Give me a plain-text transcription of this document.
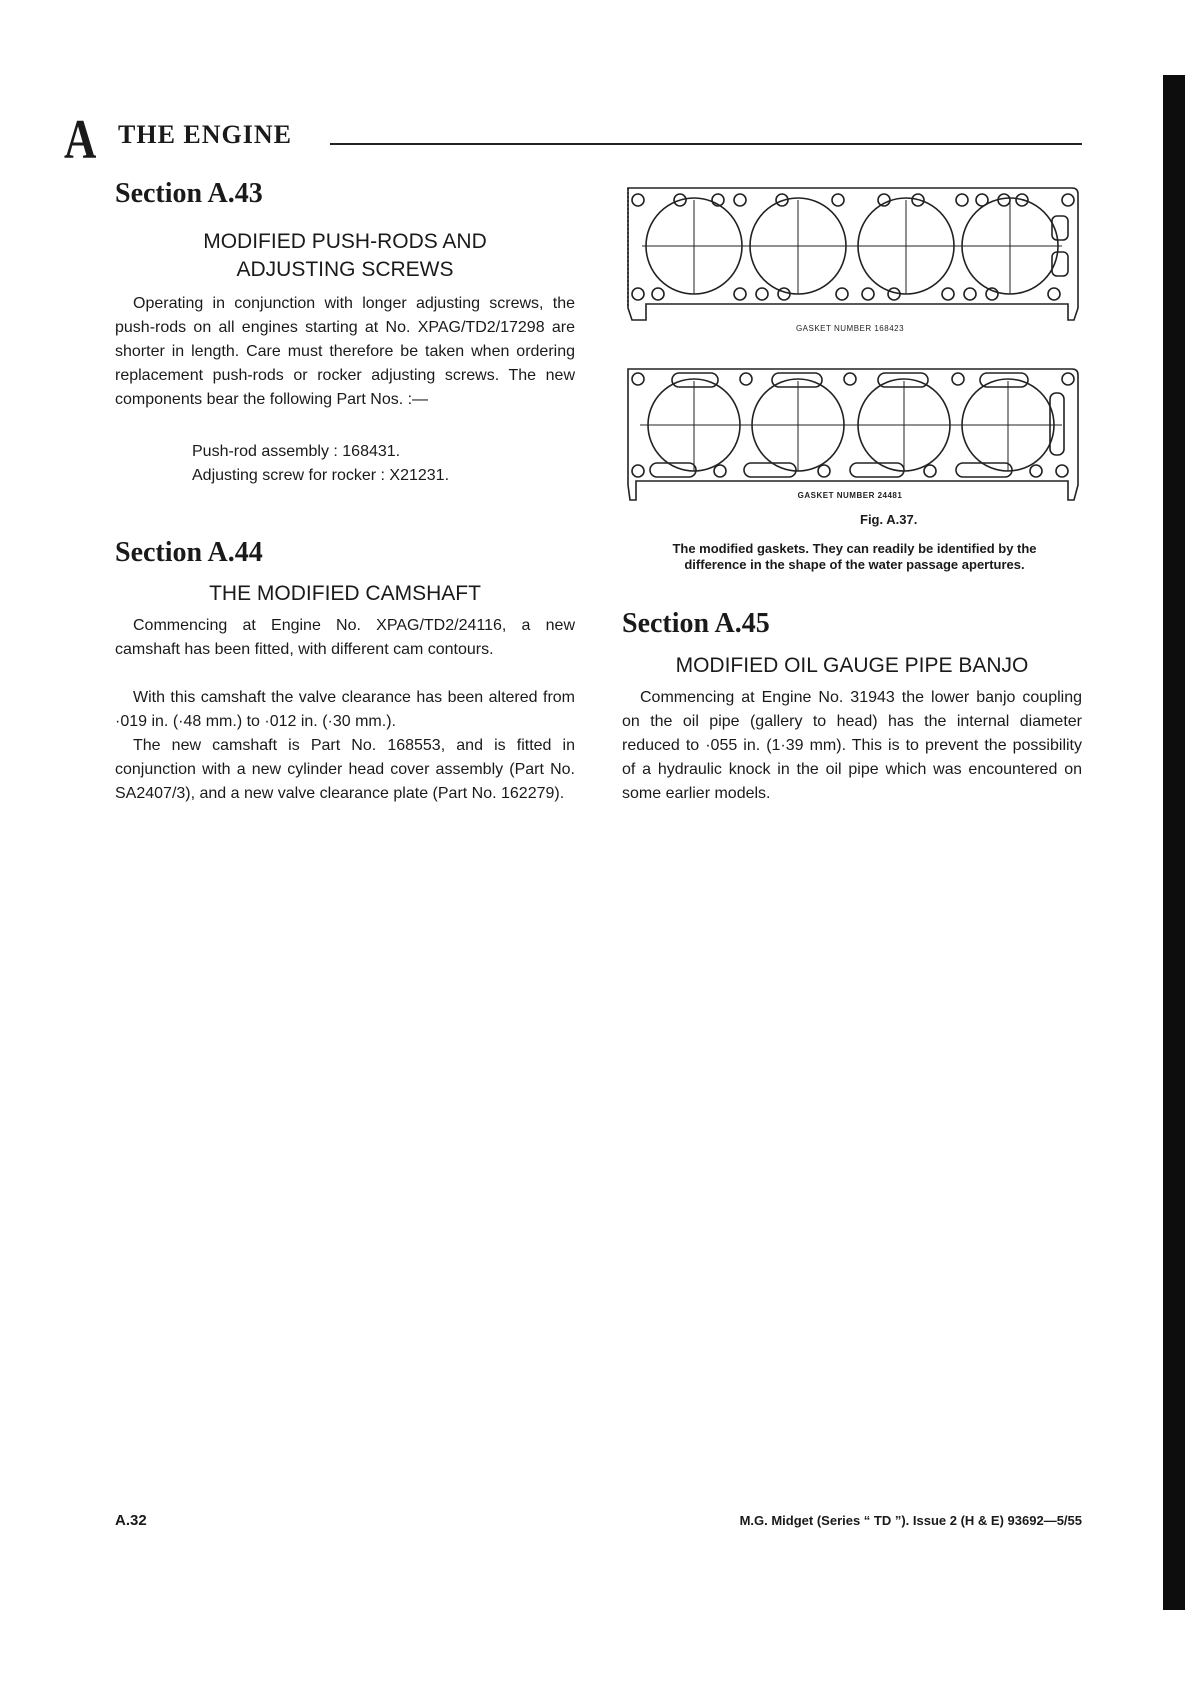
A THE ENGINE
Section A.43
MODIFIED PUSH-RODS AND
ADJUSTING SCREWS

Operating in conjunction with longer adjusting screws, the push-rods on all engines starting at No. XPAG/TD2/17298 are shorter in length. Care must therefore be taken when ordering replacement push-rods or rocker adjusting screws. The new components bear the following Part Nos. :—

Push-rod assembly : 168431.
Adjusting screw for rocker : X21231.
Section A.44
THE MODIFIED CAMSHAFT

Commencing at Engine No. XPAG/TD2/24116, a new camshaft has been fitted, with different cam contours.

With this camshaft the valve clearance has been altered from ·019 in. (·48 mm.) to ·012 in. (·30 mm.).

The new camshaft is Part No. 168553, and is fitted in conjunction with a new cylinder head cover assembly (Part No. SA2407/3), and a new valve clearance plate (Part No. 162279).

GASKET NUMBER 168423
GASKET NUMBER 24481
Fig. A.37.
The modified gaskets. They can readily be identified by the difference in the shape of the water passage apertures.
Section A.45
MODIFIED OIL GAUGE PIPE BANJO

Commencing at Engine No. 31943 the lower banjo coupling on the oil pipe (gallery to head) has the internal diameter reduced to ·055 in. (1·39 mm). This is to prevent the possibility of a hydraulic knock in the oil pipe which was encountered on some earlier models.

A.32	M.G. Midget (Series “ TD ”). Issue 2 (H & E) 93692—5/55
